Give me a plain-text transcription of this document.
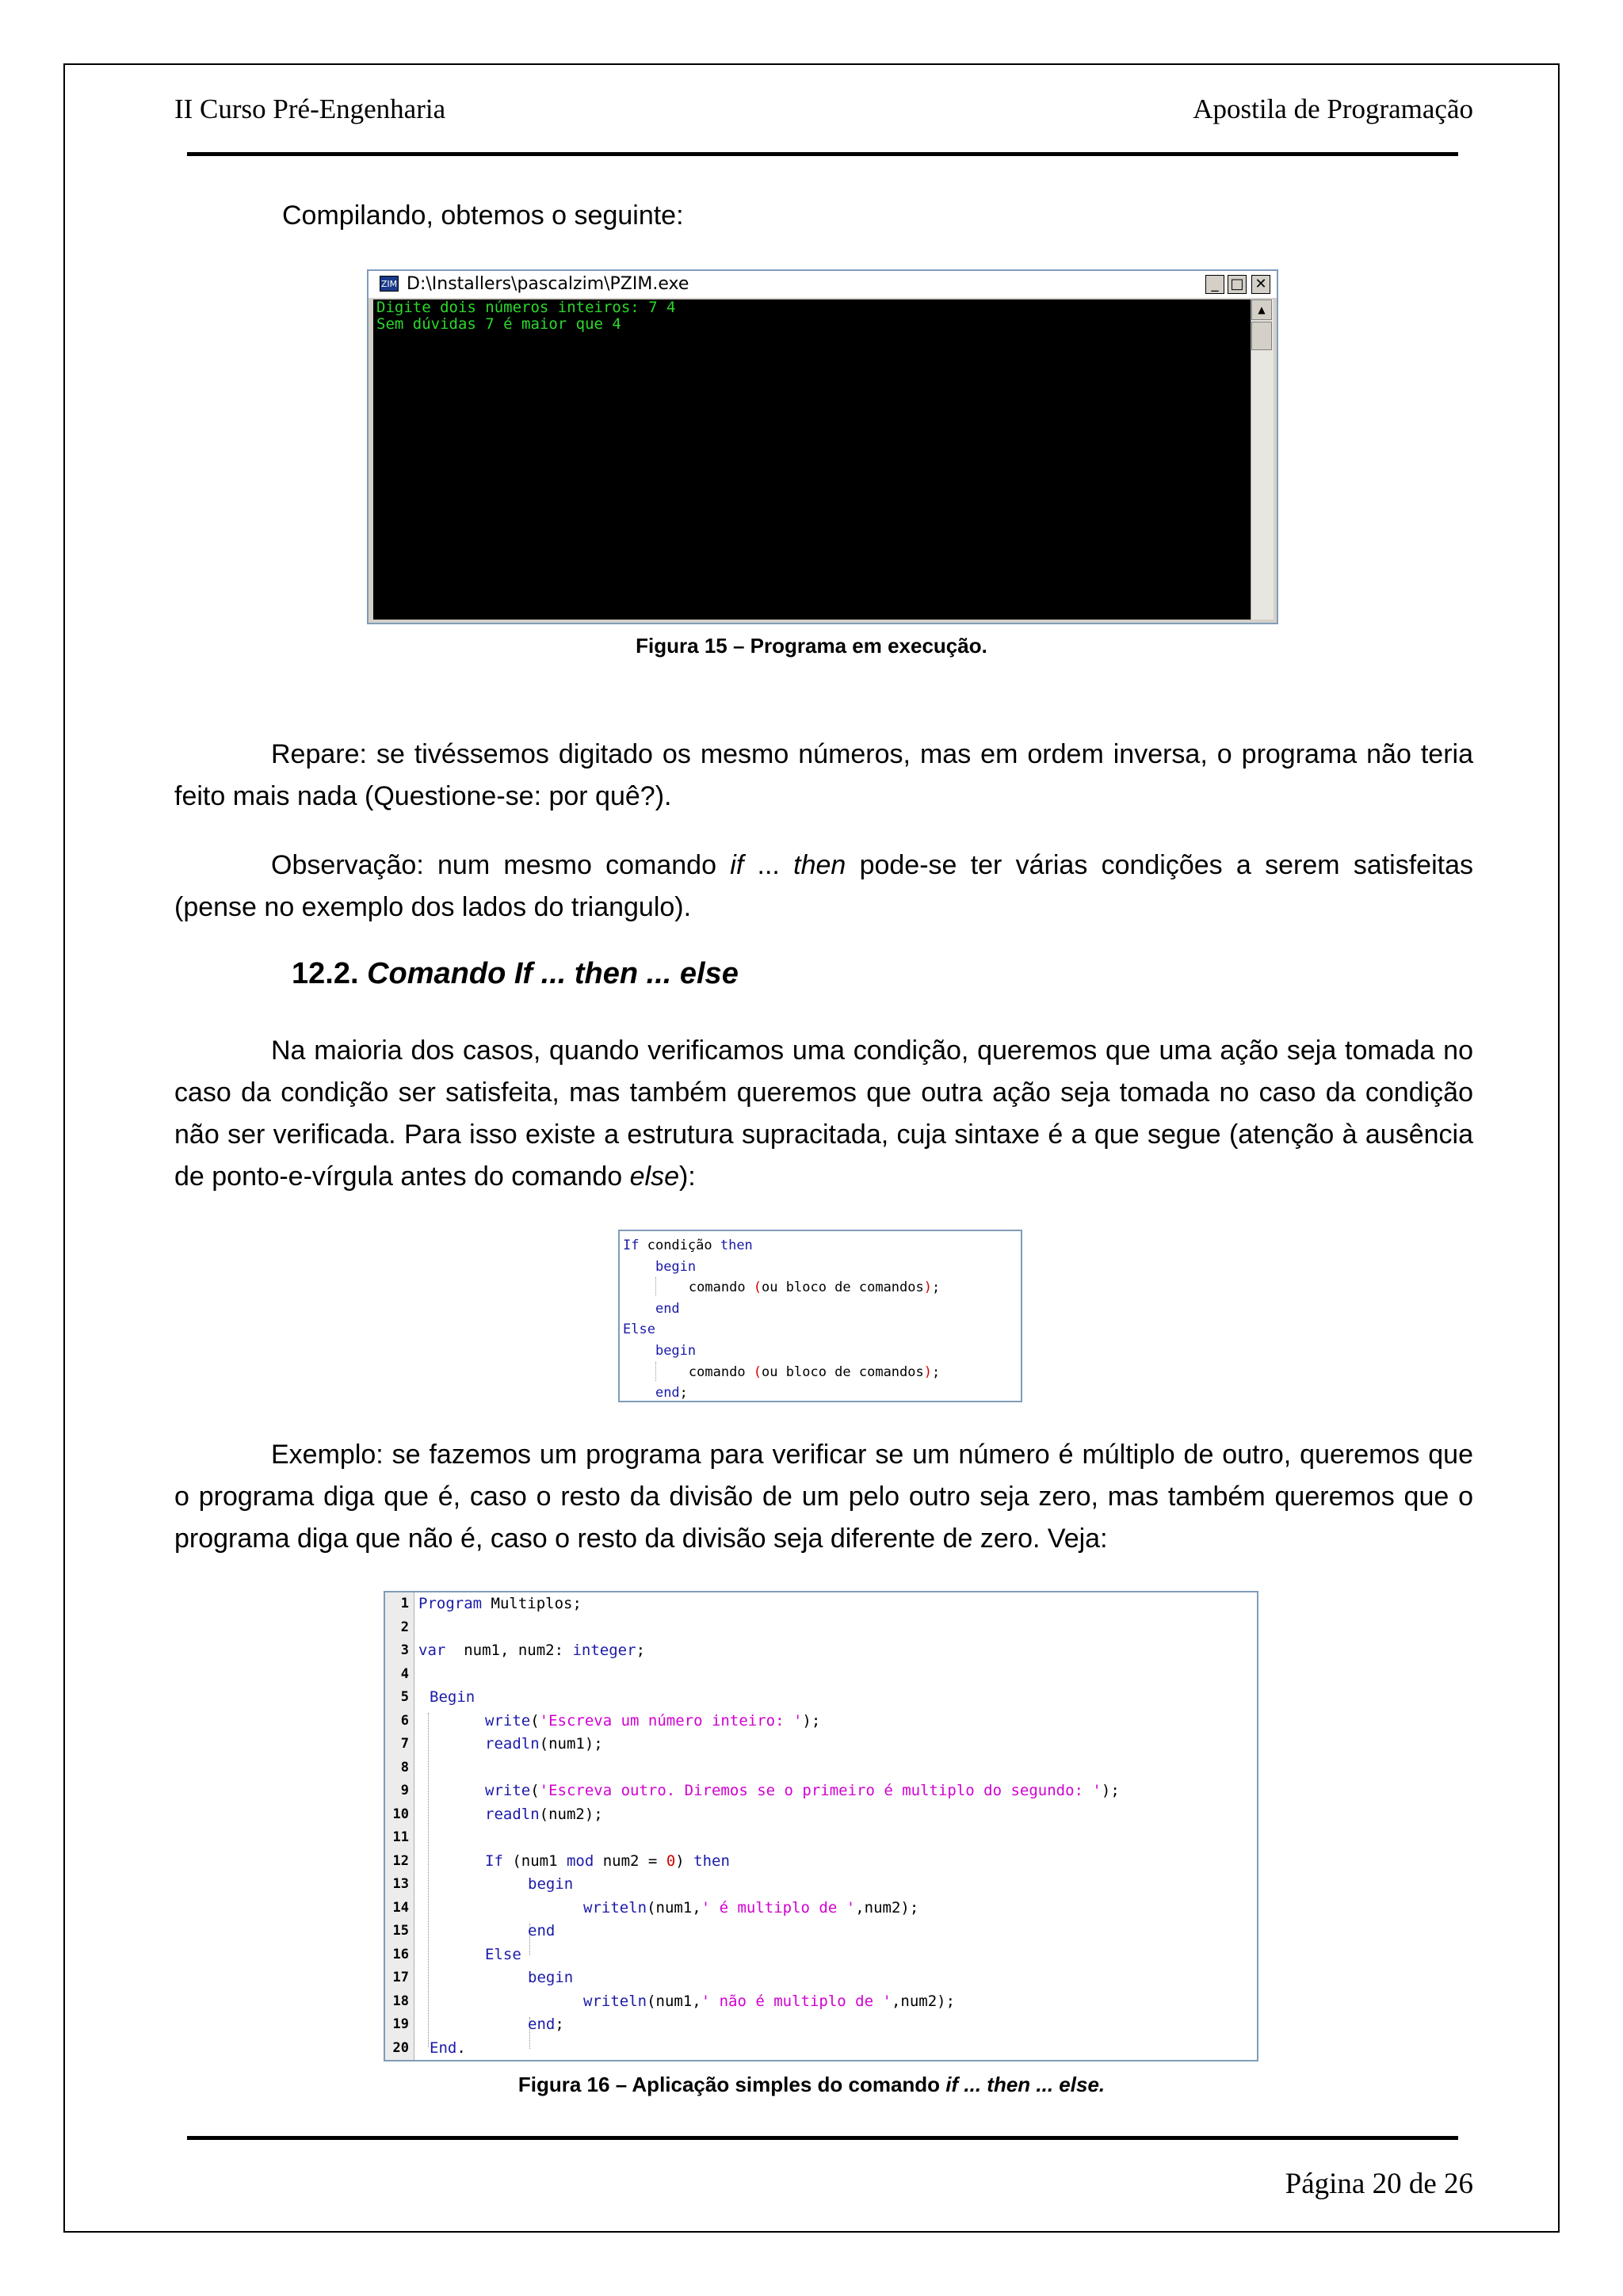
II Curso Pré-Engenharia	Apostila de Programação
Compilando, obtemos o seguinte:
ZIM D:\Installers\pascalzim\PZIM.exe	_ □ ✕
Digite dois números inteiros: 7 4
Sem dúvidas 7 é maior que 4
▲
Figura 15 – Programa em execução.
Repare: se tivéssemos digitado os mesmo números, mas em ordem inversa, o programa não teria feito mais nada (Questione-se: por quê?).
Observação: num mesmo comando if ... then pode-se ter várias condições a serem satisfeitas (pense no exemplo dos lados do triangulo).
12.2. Comando If ... then ... else
Na maioria dos casos, quando verificamos uma condição, queremos que uma ação seja tomada no caso da condição ser satisfeita, mas também queremos que outra ação seja tomada no caso da condição não ser verificada. Para isso existe a estrutura supracitada, cuja sintaxe é a que segue (atenção à ausência de ponto-e-vírgula antes do comando else):
If condição then
begin
comando (ou bloco de comandos);
end
Else
begin
comando (ou bloco de comandos);
end;
Exemplo: se fazemos um programa para verificar se um número é múltiplo de outro, queremos que o programa diga que é, caso o resto da divisão de um pelo outro seja zero, mas também queremos que o programa diga que não é, caso o resto da divisão seja diferente de zero. Veja:
1 Program Multiplos;
2
3 var  num1, num2: integer;
4
5 Begin
6	write('Escreva um número inteiro: ');
7	readln(num1);
8
9	write('Escreva outro. Diremos se o primeiro é multiplo do segundo: ');
10	readln(num2);
11
12	If (num1 mod num2 = 0) then
13	begin
14	writeln(num1,' é multiplo de ',num2);
15	end
16	Else
17	begin
18	writeln(num1,' não é multiplo de ',num2);
19	end;
20 End.
Figura 16 – Aplicação simples do comando if ... then ... else.
Página 20 de 26
